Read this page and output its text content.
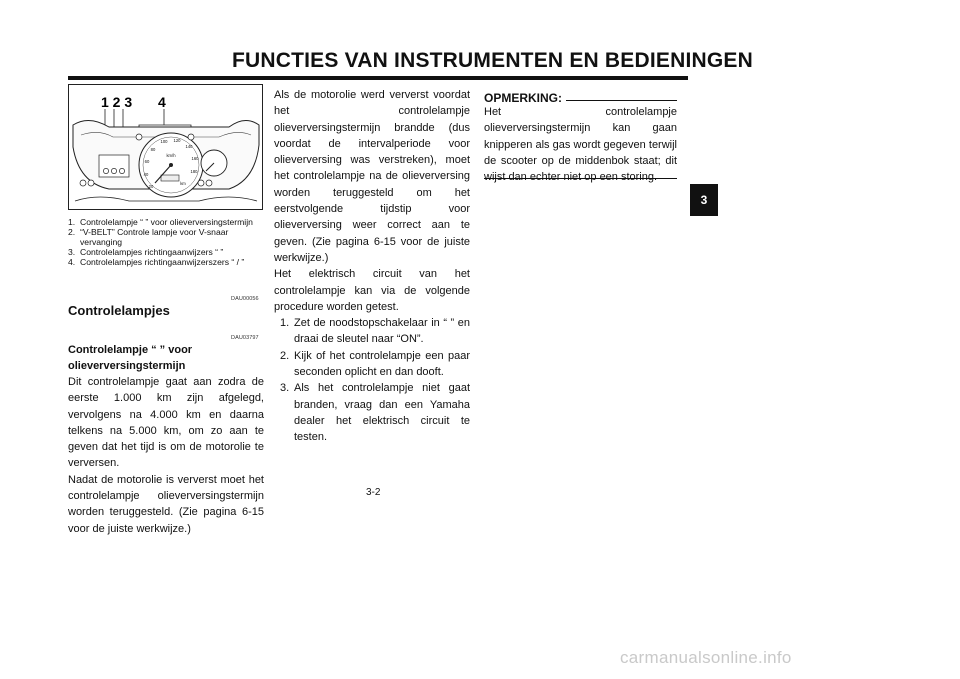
FUNCTIES VAN INSTRUMENTEN EN BEDIENINGEN
3
1 2 3 4
20
40
60
80
100 120
140
160
180
km/h
km
1. Controlelampje “ ” voor olieverversingstermijn
2. “V-BELT” Controle lampje voor V-snaar vervanging
3. Controlelampjes richtingaanwijzers “ ”
4. Controlelampjes richtingaanwijzerszers “ / ”
DAU00056
Controlelampjes
DAU03797
Controlelampje “ ” voor olieverversingstermijn
Dit controlelampje gaat aan zodra de eerste 1.000 km zijn afgelegd, vervolgens na 4.000 km en daarna telkens na 5.000 km, om zo aan te geven dat het tijd is om de motorolie te verversen.
Nadat de motorolie is ververst moet het controlelampje olieverversingstermijn worden teruggesteld. (Zie pagina 6-15 voor de juiste werkwijze.)
Als de motorolie werd ververst voordat het controlelampje olieverversingstermijn brandde (dus voordat de intervalperiode voor olieverversing was verstreken), moet het controlelampje na de olieverversing worden teruggesteld om het eerstvolgende tijdstip voor olieverversing weer correct aan te geven. (Zie pagina 6-15 voor de juiste werkwijze.)
Het elektrisch circuit van het controlelampje kan via de volgende procedure worden getest.
1. Zet de noodstopschakelaar in “ ” en draai de sleutel naar “ON”.
2. Kijk of het controlelampje een paar seconden oplicht en dan dooft.
3. Als het controlelampje niet gaat branden, vraag dan een Yamaha dealer het elektrisch circuit te testen.
OPMERKING:
Het controlelampje olieverversingstermijn kan gaan knipperen als gas wordt gegeven terwijl de scooter op de middenbok staat; dit
3-2
carmanualsonline.info
